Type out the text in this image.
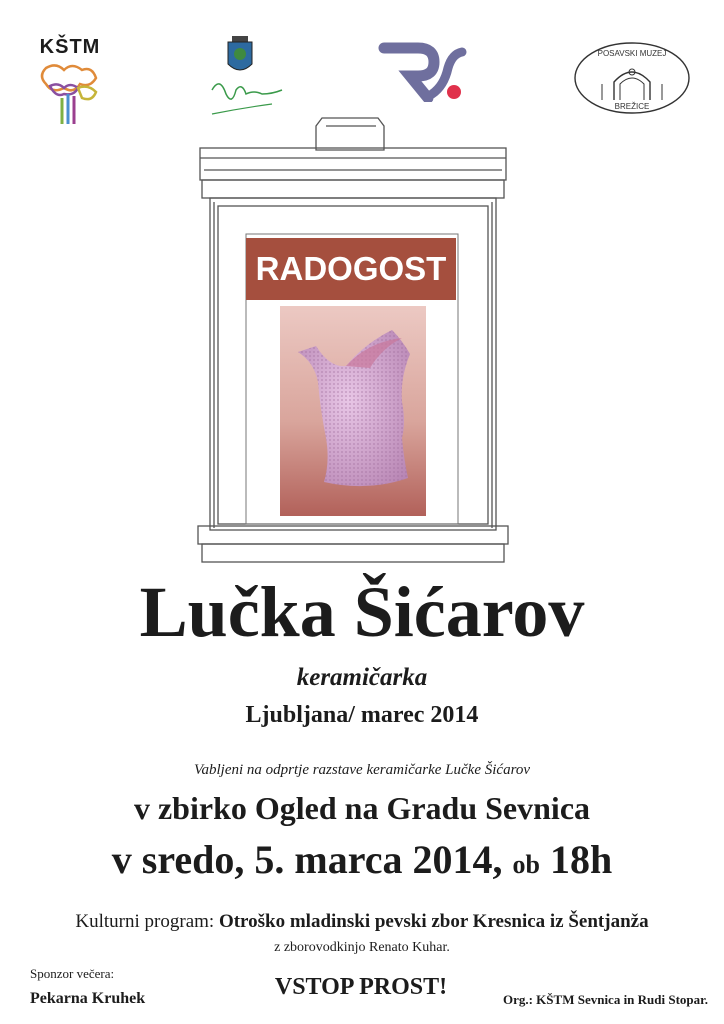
KŠTM	POSAVSKI MUZEJ
BREŽICE
RADOGOST
Lučka Šićarov
keramičarka
Ljubljana/ marec 2014
Vabljeni na odprtje razstave keramičarke Lučke Šićarov
v zbirko Ogled na Gradu Sevnica
v sredo, 5. marca 2014, ob 18h
Kulturni program: Otroško mladinski pevski zbor Kresnica iz Šentjanža
z zborovodkinjo Renato Kuhar.
Sponzor večera:
Pekarna Kruhek	VSTOP PROST!	Org.: KŠTM Sevnica in Rudi Stopar.
